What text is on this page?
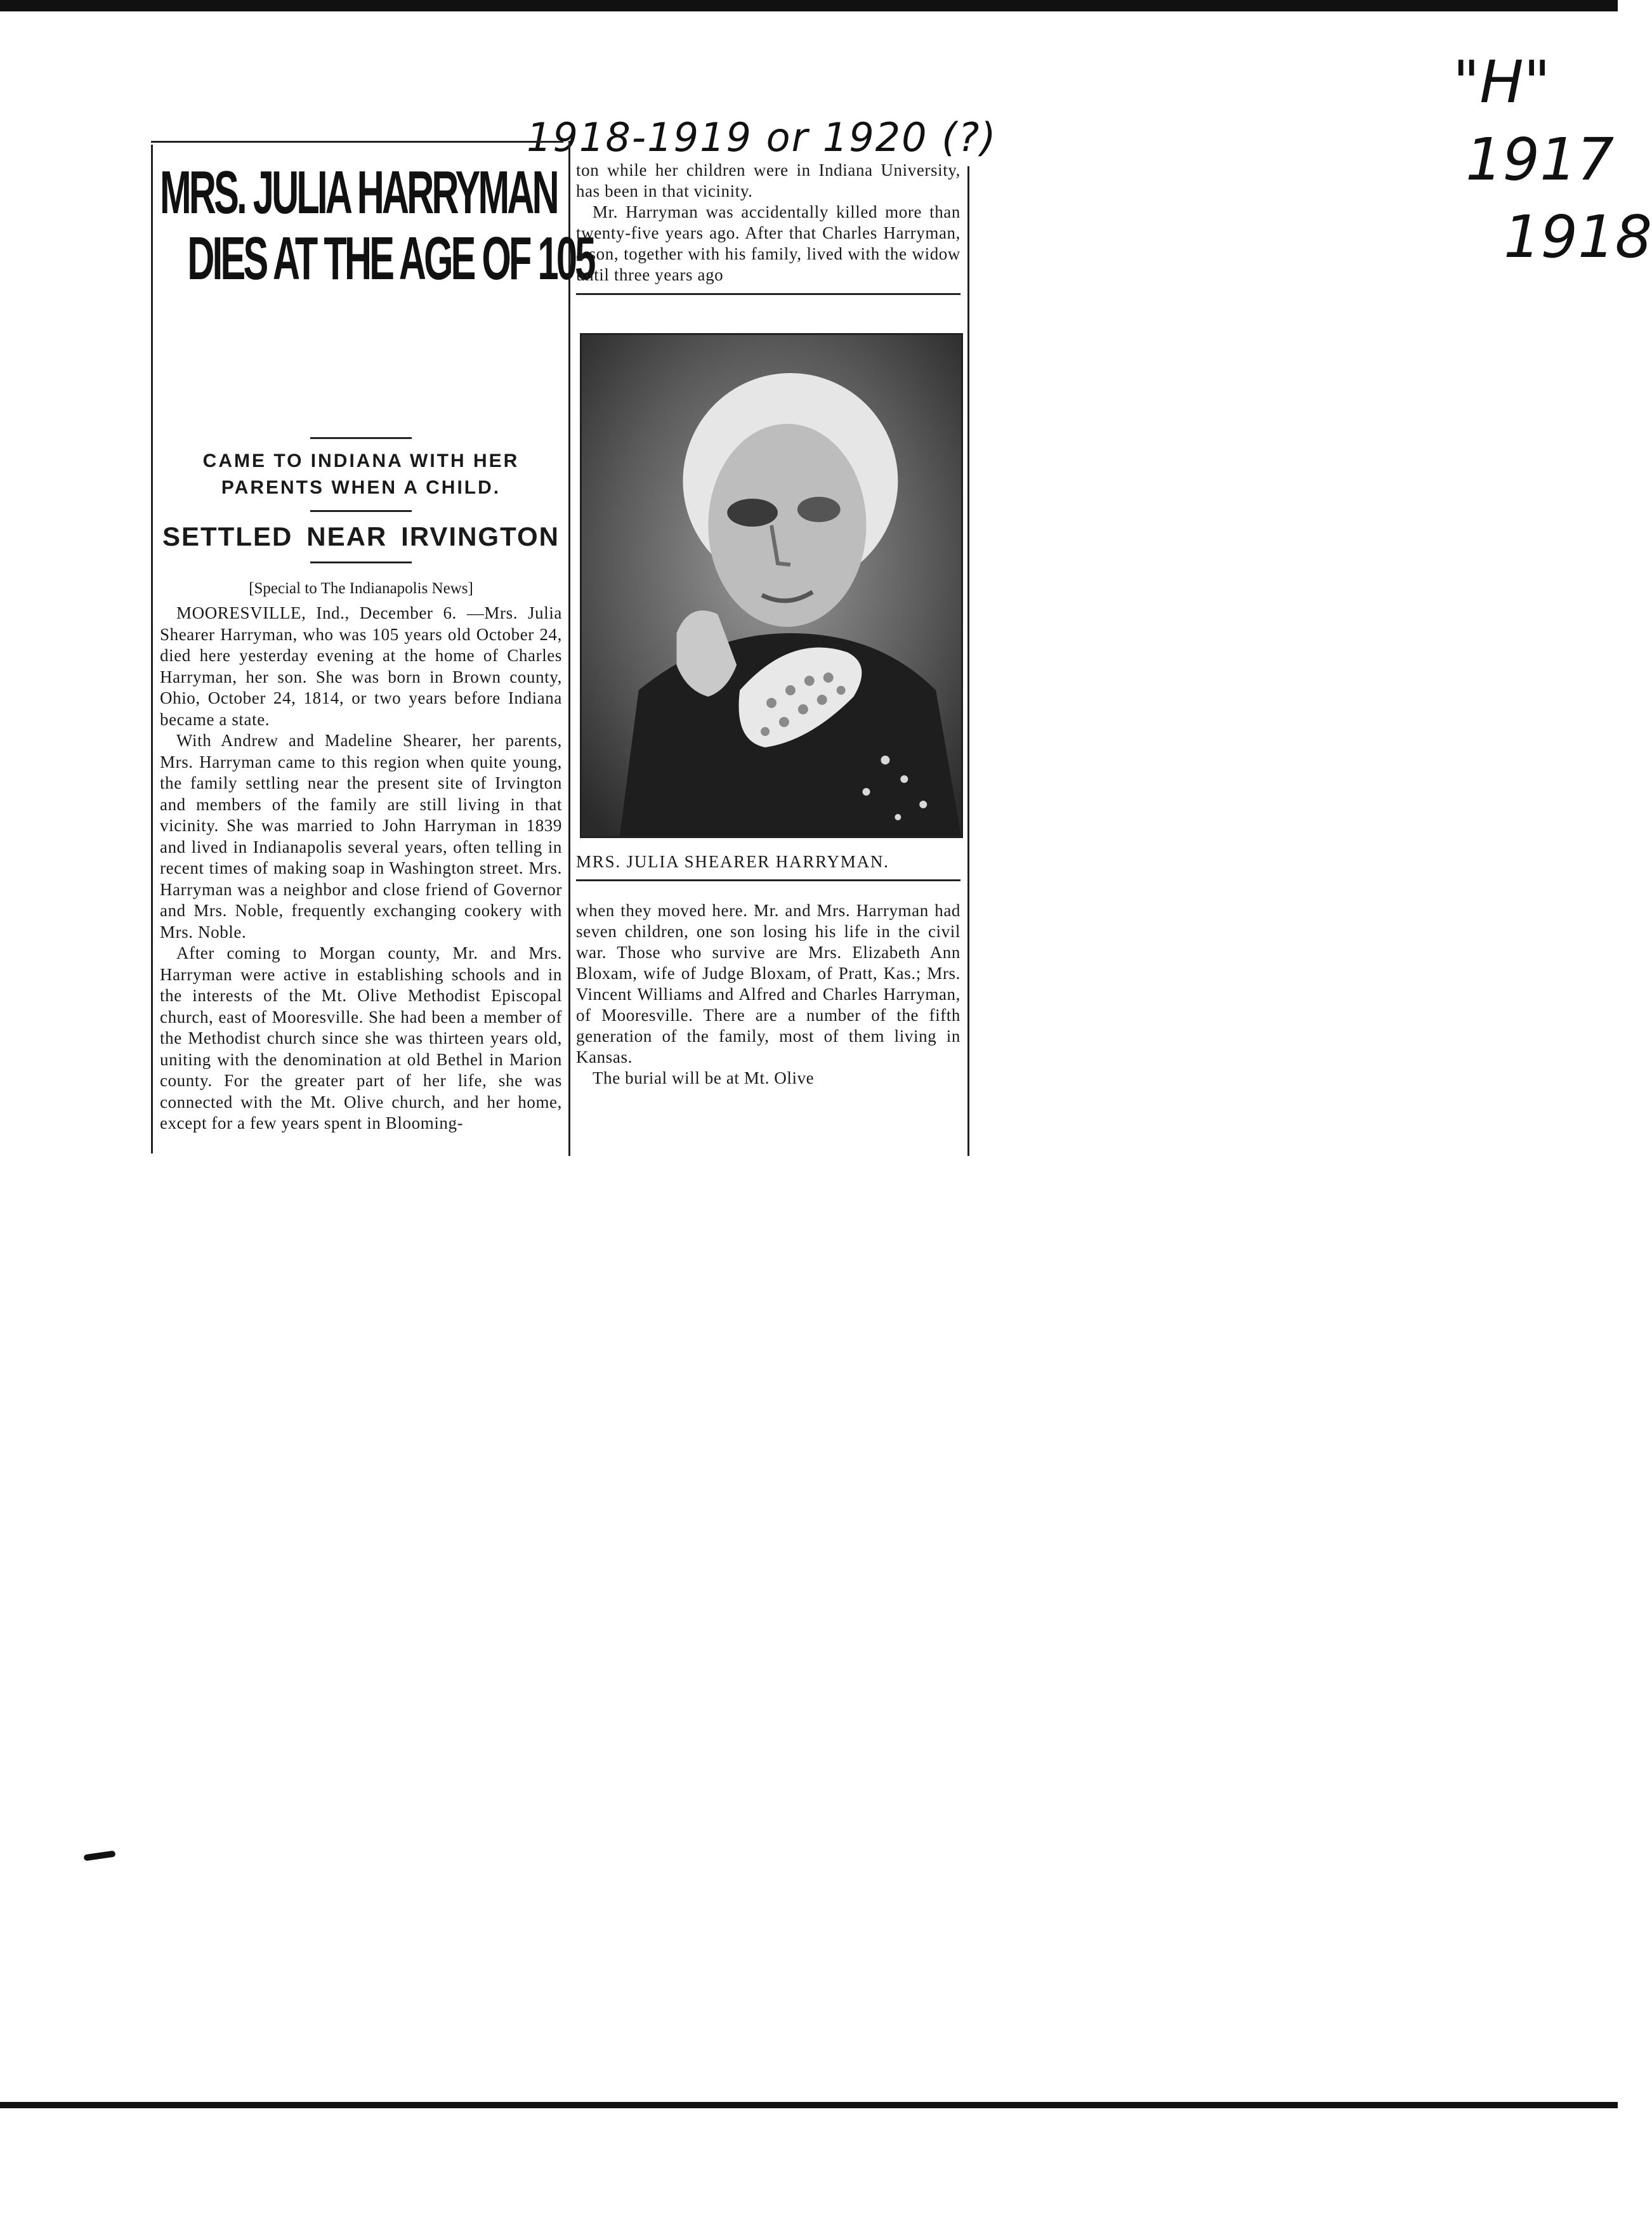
1918-1919 or 1920 (?)
"H"
1917
1918
MRS. JULIA HARRYMAN
DIES AT THE AGE OF 105
CAME TO INDIANA WITH HER
PARENTS WHEN A CHILD.
SETTLED NEAR IRVINGTON
[Special to The Indianapolis News]

MOORESVILLE, Ind., December 6. —Mrs. Julia Shearer Harryman, who was 105 years old October 24, died here yesterday evening at the home of Charles Harryman, her son. She was born in Brown county, Ohio, October 24, 1814, or two years before Indiana became a state.

With Andrew and Madeline Shearer, her parents, Mrs. Harryman came to this region when quite young, the family settling near the present site of Irvington and members of the family are still living in that vicinity. She was married to John Harryman in 1839 and lived in Indianapolis several years, often telling in recent times of making soap in Washington street. Mrs. Harryman was a neighbor and close friend of Governor and Mrs. Noble, frequently exchanging cookery with Mrs. Noble.

After coming to Morgan county, Mr. and Mrs. Harryman were active in establishing schools and in the interests of the Mt. Olive Methodist Episcopal church, east of Mooresville. She had been a member of the Methodist church since she was thirteen years old, uniting with the denomination at old Bethel in Marion county. For the greater part of her life, she was connected with the Mt. Olive church, and her home, except for a few years spent in Blooming-

ton while her children were in Indiana University, has been in that vicinity.

Mr. Harryman was accidentally killed more than twenty-five years ago. After that Charles Harryman, a son, together with his family, lived with the widow until three years ago

MRS. JULIA SHEARER HARRYMAN.

when they moved here. Mr. and Mrs. Harryman had seven children, one son losing his life in the civil war. Those who survive are Mrs. Elizabeth Ann Bloxam, wife of Judge Bloxam, of Pratt, Kas.; Mrs. Vincent Williams and Alfred and Charles Harryman, of Mooresville. There are a number of the fifth generation of the family, most of them living in Kansas.

The burial will be at Mt. Olive
